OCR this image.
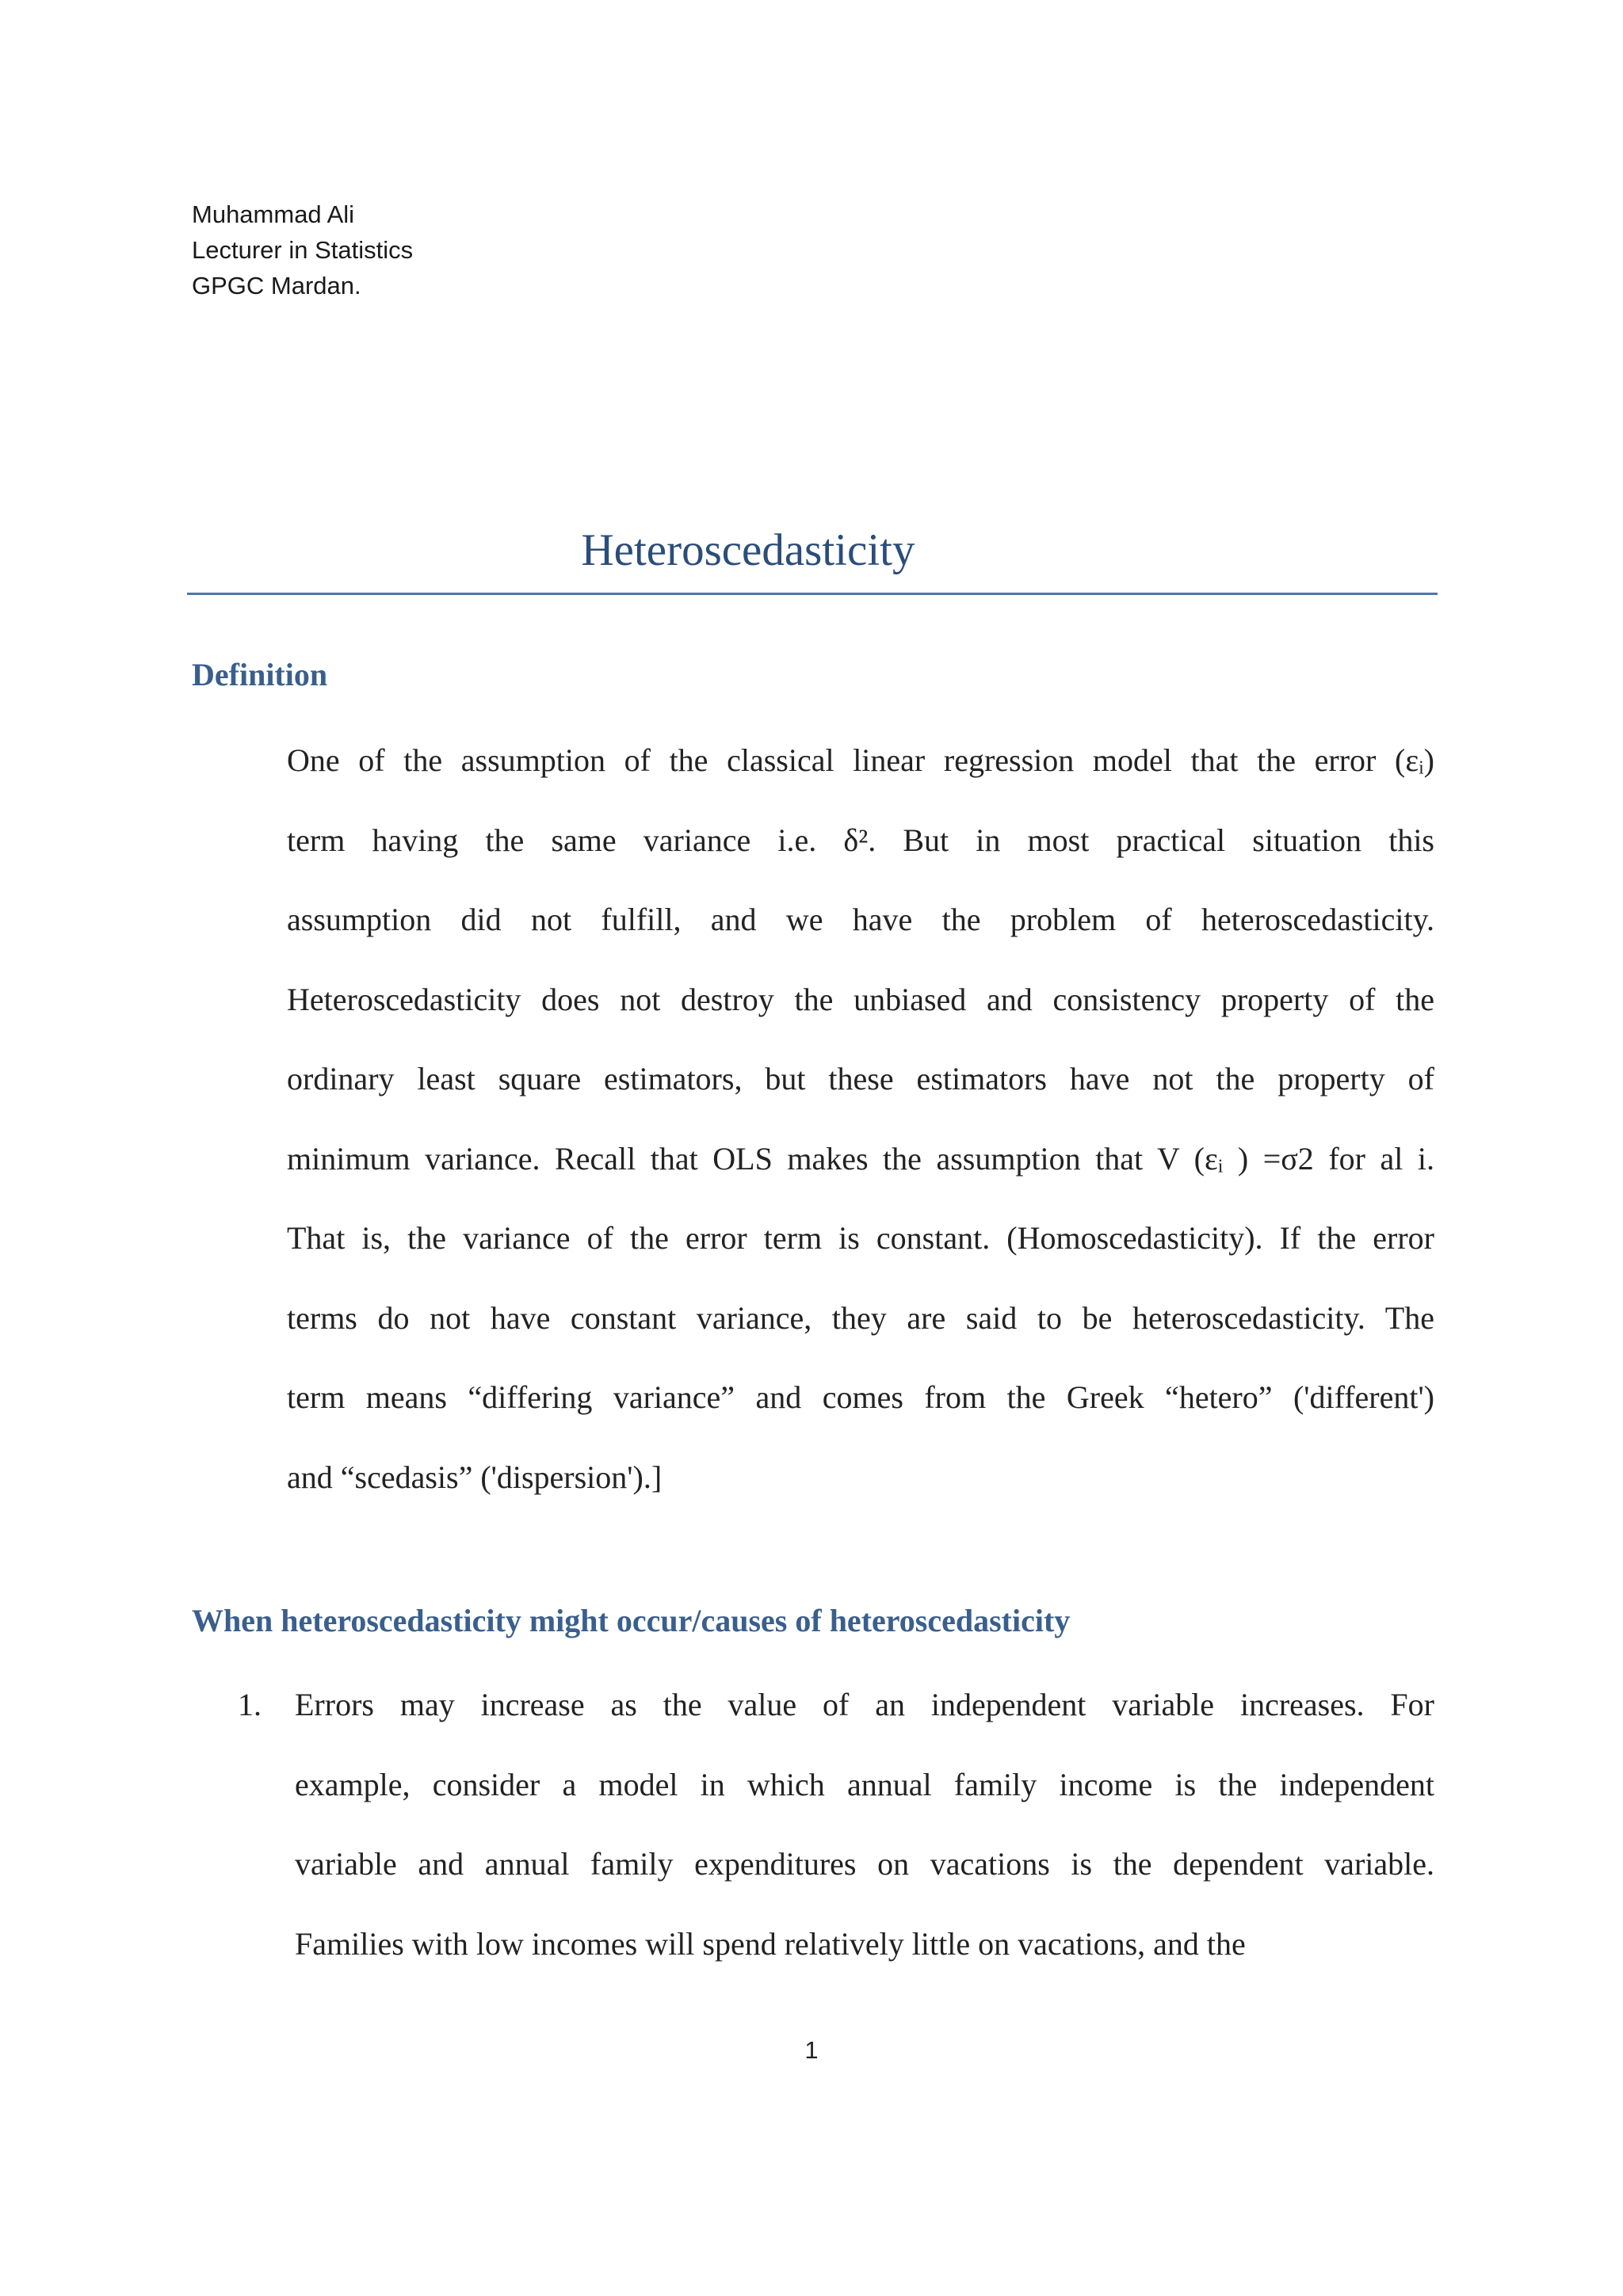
Muhammad Ali
Lecturer in Statistics
GPGC Mardan.
Heteroscedasticity
Definition
One of the assumption of the classical linear regression model that the error (εᵢ)
term having the same variance i.e. δ². But in most practical situation this
assumption did not fulfill, and we have the problem of heteroscedasticity.
Heteroscedasticity does not destroy the unbiased and consistency property of the
ordinary least square estimators, but these estimators have not the property of
minimum variance. Recall that OLS makes the assumption that V (εᵢ ) =σ2 for al i.
That is, the variance of the error term is constant. (Homoscedasticity). If the error
terms do not have constant variance, they are said to be heteroscedasticity. The
term means “differing variance” and comes from the Greek “hetero” ('different')
and “scedasis” ('dispersion').]
When heteroscedasticity might occur/causes of heteroscedasticity
1.	Errors may increase as the value of an independent variable increases. For
example, consider a model in which annual family income is the independent
variable and annual family expenditures on vacations is the dependent variable.
Families with low incomes will spend relatively little on vacations, and the
1
